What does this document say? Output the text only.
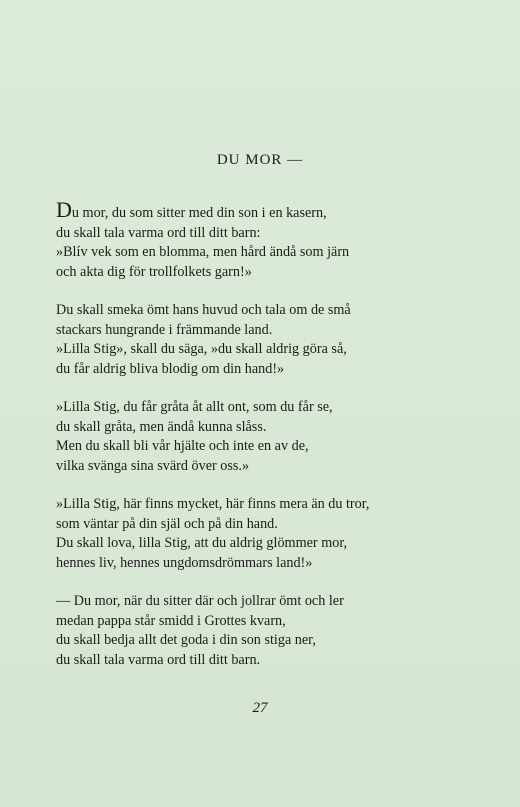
DU MOR —
Du mor, du som sitter med din son i en kasern,
du skall tala varma ord till ditt barn:
»Blív vek som en blomma, men hård ändå som järn
och akta dig för trollfolkets garn!»
Du skall smeka ömt hans huvud och tala om de små
stackars hungrande i främmande land.
»Lilla Stig», skall du säga, »du skall aldrig göra så,
du får aldrig bliva blodig om din hand!»
»Lilla Stig, du får gråta åt allt ont, som du får se,
du skall gråta, men ändå kunna slåss.
Men du skall bli vår hjälte och inte en av de,
vilka svänga sina svärd över oss.»
»Lilla Stig, här finns mycket, här finns mera än du tror,
som väntar på din själ och på din hand.
Du skall lova, lilla Stig, att du aldrig glömmer mor,
hennes liv, hennes ungdomsdrömmars land!»
— Du mor, när du sitter där och jollrar ömt och ler
medan pappa står smidd i Grottes kvarn,
du skall bedja allt det goda i din son stiga ner,
du skall tala varma ord till ditt barn.
27
